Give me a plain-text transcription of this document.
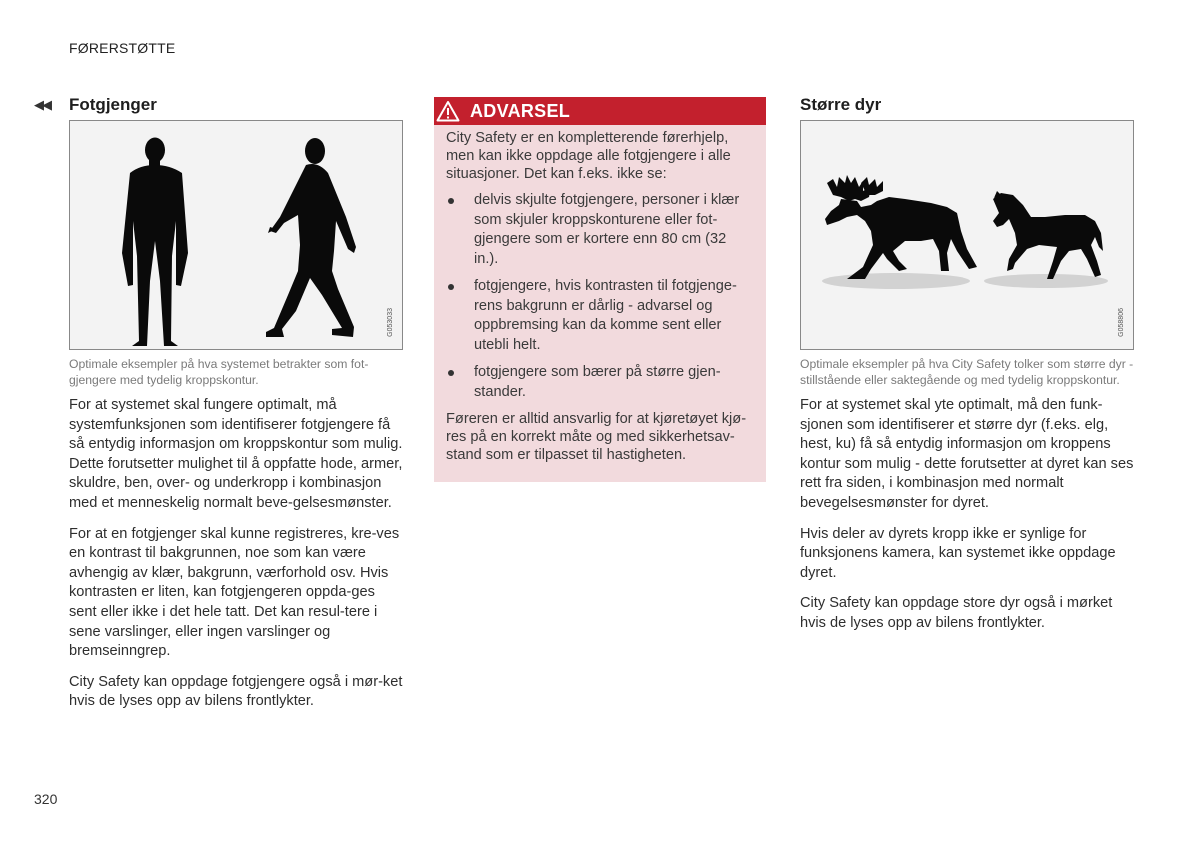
FØRERSTØTTE
◀◀ Fotgjenger
G053033
Optimale eksempler på hva systemet betrakter som fot-gjengere med tydelig kroppskontur.

For at systemet skal fungere optimalt, må systemfunksjonen som identifiserer fotgjengere få så entydig informasjon om kroppskontur som mulig. Dette forutsetter mulighet til å oppfatte hode, armer, skuldre, ben, over- og underkropp i kombinasjon med et menneskelig normalt beve-gelsesmønster.

For at en fotgjenger skal kunne registreres, kre-ves en kontrast til bakgrunnen, noe som kan være avhengig av klær, bakgrunn, værforhold osv. Hvis kontrasten er liten, kan fotgjengeren oppda-ges sent eller ikke i det hele tatt. Det kan resul-tere i sene varslinger, eller ingen varslinger og bremseinngrep.

City Safety kan oppdage fotgjengere også i mør-ket hvis de lyses opp av bilens frontlykter.

ADVARSEL

City Safety er en kompletterende førerhjelp, men kan ikke oppdage alle fotgjengere i alle situasjoner. Det kan f.eks. ikke se:

delvis skjulte fotgjengere, personer i klær som skjuler kroppskonturene eller fot-gjengere som er kortere enn 80 cm (32 in.).
fotgjengere, hvis kontrasten til fotgjenge-rens bakgrunn er dårlig - advarsel og oppbremsing kan da komme sent eller utebli helt.
fotgjengere som bærer på større gjen-stander.

Føreren er alltid ansvarlig for at kjøretøyet kjø-res på en korrekt måte og med sikkerhetsav-stand som er tilpasset til hastigheten.

Større dyr
G058806
Optimale eksempler på hva City Safety tolker som større dyr - stillstående eller saktegående og med tydelig kroppskontur.

For at systemet skal yte optimalt, må den funk-sjonen som identifiserer et større dyr (f.eks. elg, hest, ku) få så entydig informasjon om kroppens kontur som mulig - dette forutsetter at dyret kan ses rett fra siden, i kombinasjon med normalt bevegelsesmønster for dyret.

Hvis deler av dyrets kropp ikke er synlige for funksjonens kamera, kan systemet ikke oppdage dyret.

City Safety kan oppdage store dyr også i mørket hvis de lyses opp av bilens frontlykter.

320
